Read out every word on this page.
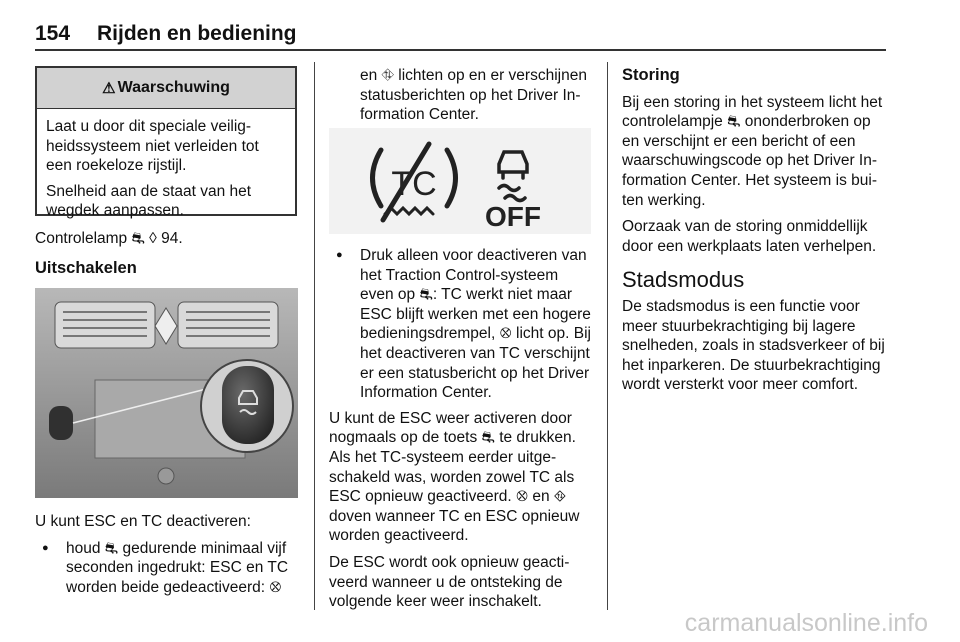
154 Rijden en bediening
⚠ Waarschuwing

Laat u door dit speciale veiligheidssysteem niet verleiden tot een roekeloze rijstijl.

Snelheid aan de staat van het wegdek aanpassen.

Controlelamp ⛐ ◊ 94.

Uitschakelen

U kunt ESC en TC deactiveren:

● houd ⛐ gedurende minimaal vijf seconden ingedrukt: ESC en TC worden beide gedeactiveerd: ⛒

en ⛗ lichten op en er verschijnen statusberichten op het Driver Information Center.

TC
OFF
● Druk alleen voor deactiveren van het Traction Control-systeem even op ⛐: TC werkt niet maar ESC blijft werken met een hogere bedieningsdrempel, ⛒ licht op. Bij het deactiveren van TC verschijnt er een statusbericht op het Driver Information Center.

U kunt de ESC weer activeren door nogmaals op de toets ⛐ te drukken. Als het TC-systeem eerder uitgeschakeld was, worden zowel TC als ESC opnieuw geactiveerd. ⛒ en ⛗ doven wanneer TC en ESC opnieuw worden geactiveerd.

De ESC wordt ook opnieuw geactiveerd wanneer u de ontsteking de volgende keer weer inschakelt.

Storing

Bij een storing in het systeem licht het controlelampje ⛐ ononderbroken op en verschijnt er een bericht of een waarschuwingscode op het Driver Information Center. Het systeem is buiten werking.

Oorzaak van de storing onmiddellijk door een werkplaats laten verhelpen.

Stadsmodus

De stadsmodus is een functie voor meer stuurbekrachtiging bij lagere snelheden, zoals in stadsverkeer of bij het inparkeren. De stuurbekrachtiging wordt versterkt voor meer comfort.

carmanualsonline.info
